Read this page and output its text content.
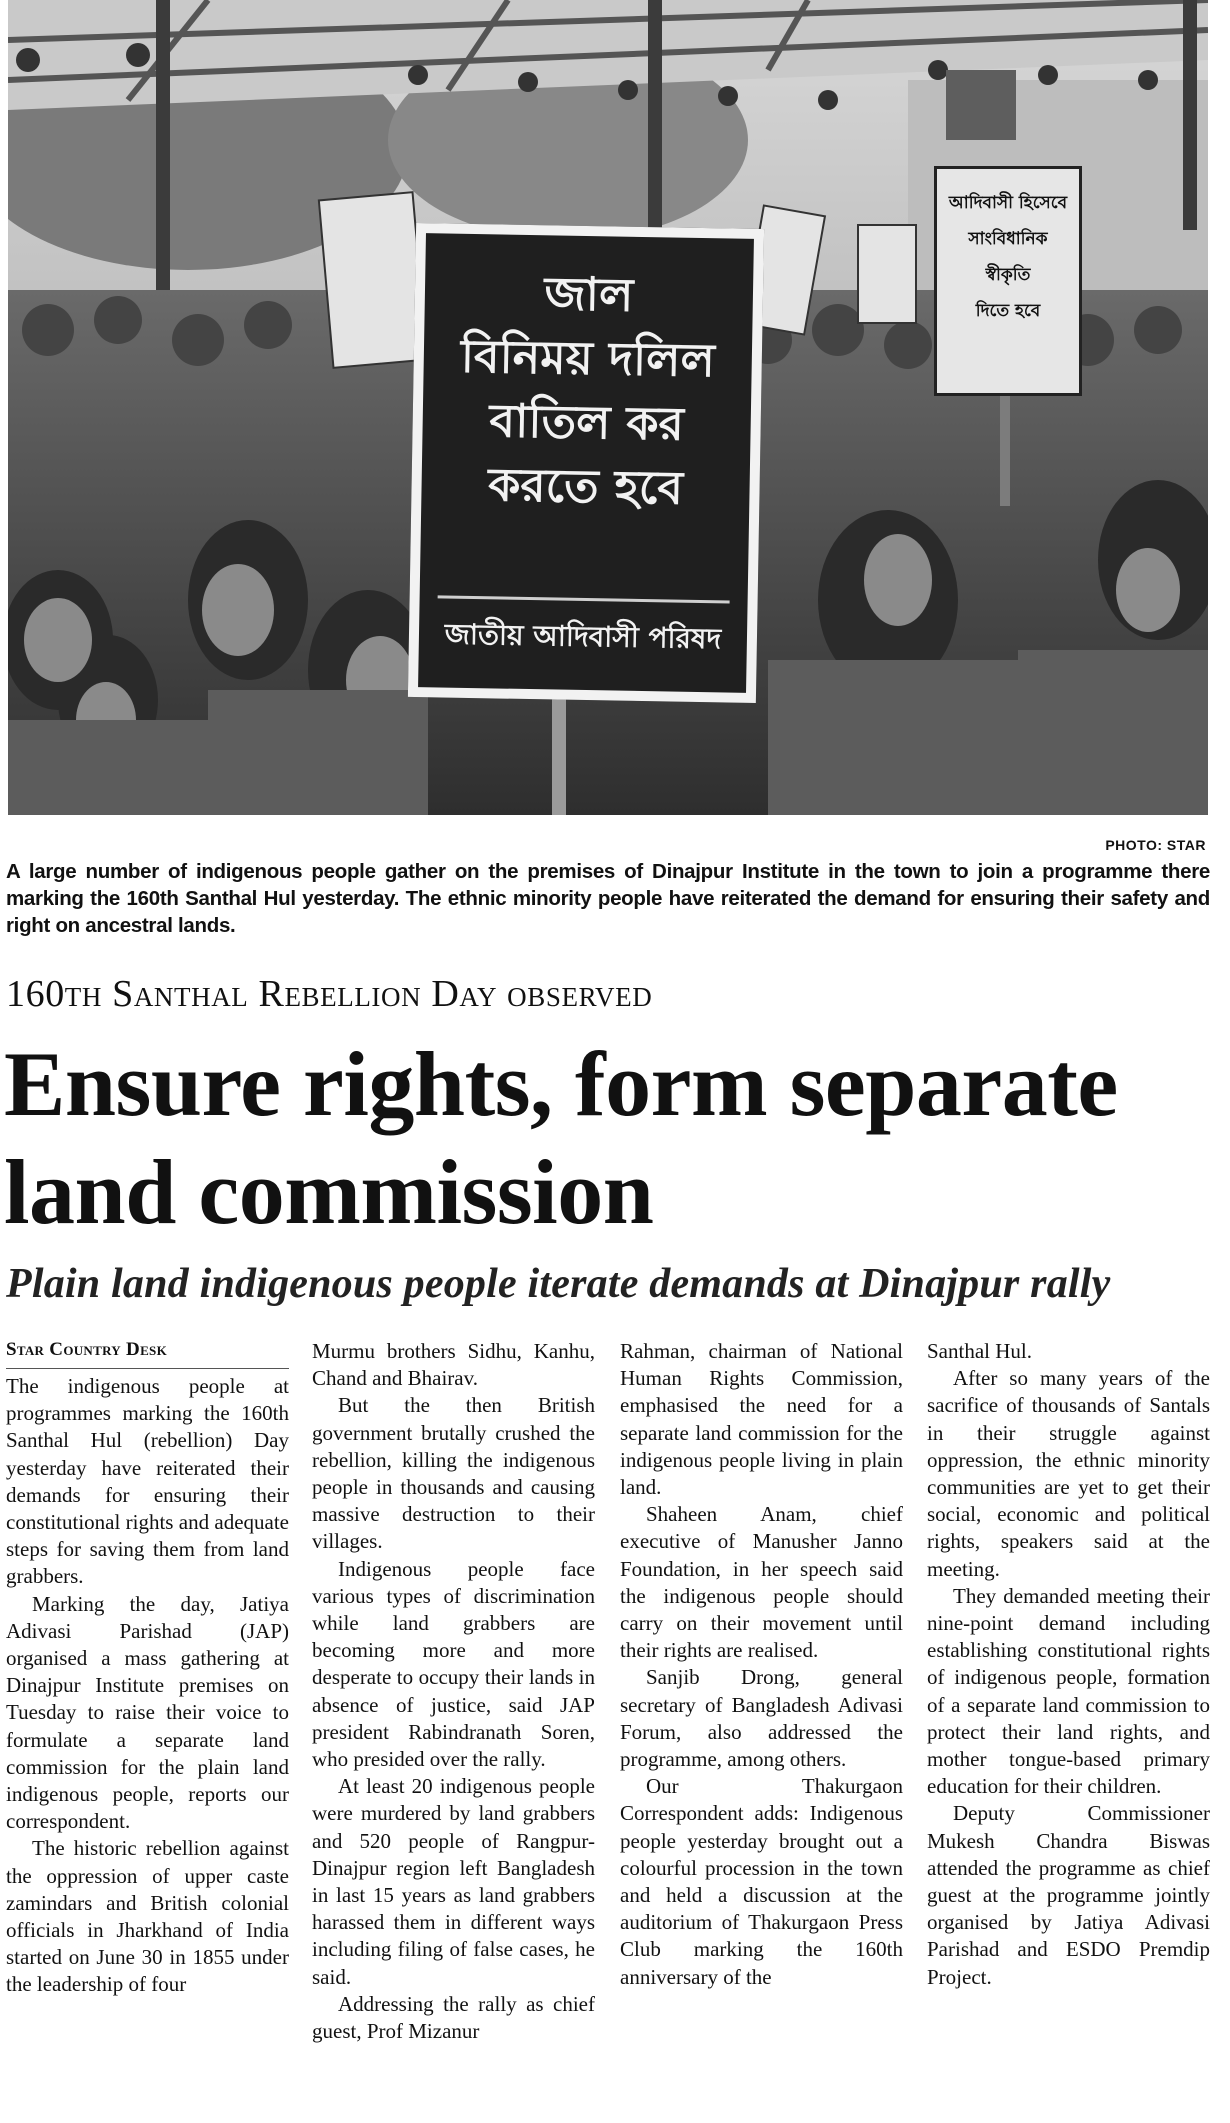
জাল
বিনিময় দলিল
বাতিল কর
করতে হবে
জাতীয় আদিবাসী পরিষদ
আদিবাসী হিসেবে
সাংবিধানিক
স্বীকৃতি
দিতে হবে
PHOTO: STAR
A large number of indigenous people gather on the premises of Dinajpur Institute in the town to join a programme there marking the 160th Santhal Hul yesterday. The ethnic minority people have reiterated the demand for ensuring their safety and right on ancestral lands.
160th Santhal Rebellion Day observed
Ensure rights, form separate land commission
Plain land indigenous people iterate demands at Dinajpur rally
Star Country Desk

The indigenous people at programmes marking the 160th Santhal Hul (rebellion) Day yesterday have reiterated their demands for ensuring their constitutional rights and adequate steps for saving them from land grabbers.

Marking the day, Jatiya Adivasi Parishad (JAP) organised a mass gathering at Dinajpur Institute premises on Tuesday to raise their voice to formulate a separate land commission for the plain land indigenous people, reports our correspondent.

The historic rebellion against the oppression of upper caste zamindars and British colonial officials in Jharkhand of India started on June 30 in 1855 under the leadership of four

Murmu brothers Sidhu, Kanhu, Chand and Bhairav.

But the then British government brutally crushed the rebellion, killing the indigenous people in thousands and causing massive destruction to their villages.

Indigenous people face various types of discrimination while land grabbers are becoming more and more desperate to occupy their lands in absence of justice, said JAP president Rabindranath Soren, who presided over the rally.

At least 20 indigenous people were murdered by land grabbers and 520 people of Rangpur-Dinajpur region left Bangladesh in last 15 years as land grabbers harassed them in different ways including filing of false cases, he said.

Addressing the rally as chief guest, Prof Mizanur

Rahman, chairman of National Human Rights Commission, emphasised the need for a separate land commission for the indigenous people living in plain land.

Shaheen Anam, chief executive of Manusher Janno Foundation, in her speech said the indigenous people should carry on their movement until their rights are realised.

Sanjib Drong, general secretary of Bangladesh Adivasi Forum, also addressed the programme, among others.

Our Thakurgaon Correspondent adds: Indigenous people yesterday brought out a colourful procession in the town and held a discussion at the auditorium of Thakurgaon Press Club marking the 160th anniversary of the

Santhal Hul.

After so many years of the sacrifice of thousands of Santals in their struggle against oppression, the ethnic minority communities are yet to get their social, economic and political rights, speakers said at the meeting.

They demanded meeting their nine-point demand including establishing constitutional rights of indigenous people, formation of a separate land commission to protect their land rights, and mother tongue-based primary education for their children.

Deputy Commissioner Mukesh Chandra Biswas attended the programme as chief guest at the programme jointly organised by Jatiya Adivasi Parishad and ESDO Premdip Project.
